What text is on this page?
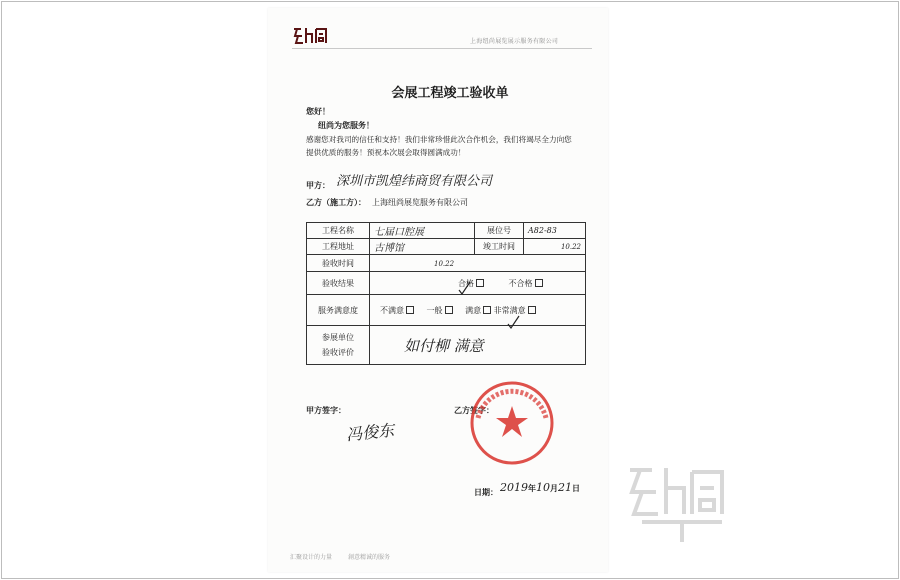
上海纽尚展览展示服务有限公司
会展工程竣工验收单
您好！
纽尚为您服务！
感谢您对我司的信任和支持！我们非常珍惜此次合作机会，我们将竭尽全力向您
提供优质的服务！预祝本次展会取得圆满成功！
甲方： 深圳市凯煌纬商贸有限公司
乙方（施工方）： 上海纽尚展览服务有限公司
工程名称	七届口腔展	展位号	A82-83
工程地址	古博馆	竣工时间	10.22
验收时间	10.22		
验收结果	合格 不合格		
服务满意度	不满意 一般 满意 非常满意		

参展单位
验收评价	如付柳 满意		
甲方签字：
冯俊东
乙方签字：
日期： 2019年10月21日
汇聚设计的力量	創意精诚的服务
